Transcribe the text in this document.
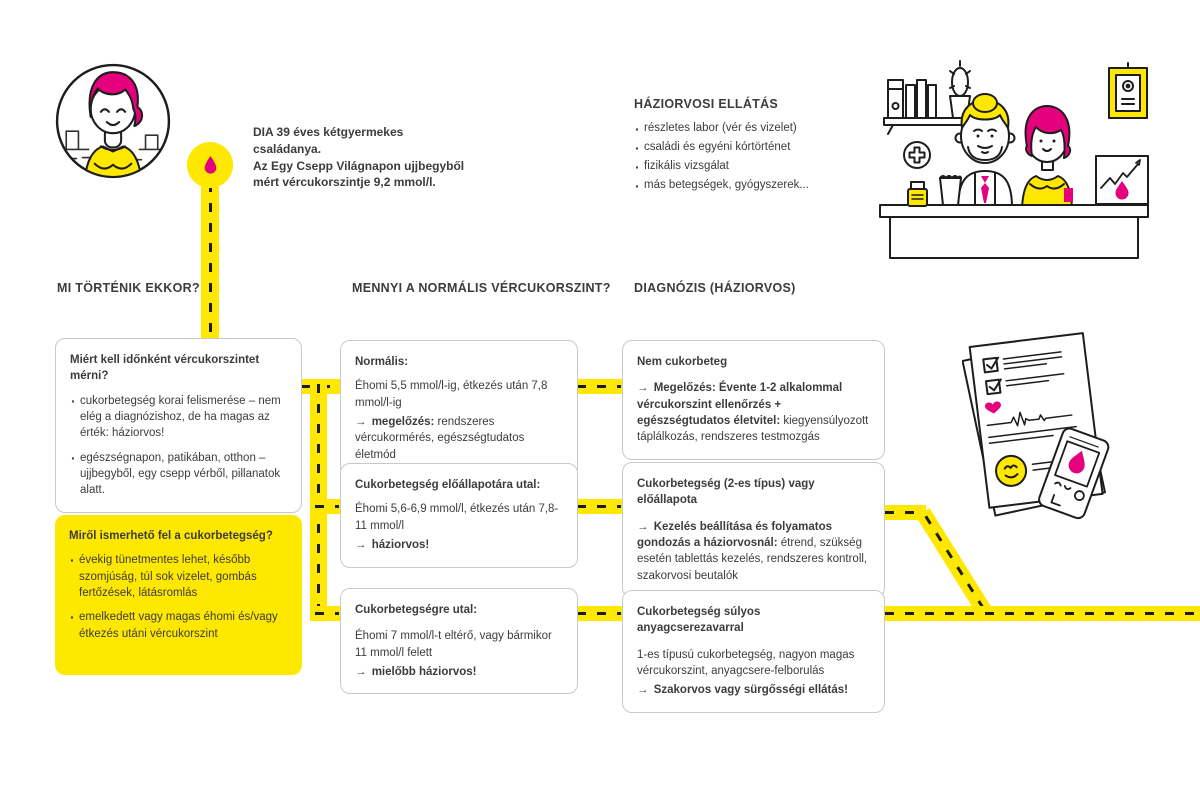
DIA 39 éves kétgyermekes családanya.
Az Egy Csepp Világnapon ujjbegyből
mért vércukorszintje 9,2 mmol/l.
HÁZIORVOSI ELLÁTÁS
· részletes labor (vér és vizelet)
· családi és egyéni kórtörténet
· fizikális vizsgálat
· más betegségek, gyógyszerek...
MI TÖRTÉNIK EKKOR?	MENNYI A NORMÁLIS VÉRCUKORSZINT? DIAGNÓZIS (HÁZIORVOS)
Miért kell időnként vércukorszintet mérni?
· cukorbetegség korai felismerése – nem elég a diagnózishoz, de ha magas az érték: háziorvos!
· egészségnapon, patikában, otthon – ujjbegyből, egy csepp vérből, pillanatok alatt.
Miről ismerhető fel a cukorbetegség?
· évekig tünetmentes lehet, később szomjúság, túl sok vizelet, gombás fertőzések, látásromlás
· emelkedett vagy magas éhomi és/vagy étkezés utáni vércukorszint
Normális:
Éhomi 5,5 mmol/l-ig, étkezés után 7,8 mmol/l-ig
→ megelőzés: rendszeres vércukormérés, egészségtudatos életmód
Cukorbetegség előállapotára utal:
Éhomi 5,6-6,9 mmol/l, étkezés után 7,8-11 mmol/l
→ háziorvos!
Cukorbetegségre utal:
Éhomi 7 mmol/l-t eltérő, vagy bármikor 11 mmol/l felett
→ mielőbb háziorvos!
Nem cukorbeteg
→ Megelőzés: Évente 1-2 alkalommal vércukorszint ellenőrzés + egészségtudatos életvitel: kiegyensúlyozott táplálkozás, rendszeres testmozgás
Cukorbetegség (2-es típus) vagy előállapota
→ Kezelés beállítása és folyamatos gondozás a háziorvosnál: étrend, szükség esetén tablettás kezelés, rendszeres kontroll, szakorvosi beutalók
Cukorbetegség súlyos anyagcserezavarral
1-es típusú cukorbetegség, nagyon magas vércukorszint, anyagcsere-felborulás
→ Szakorvos vagy sürgősségi ellátás!
